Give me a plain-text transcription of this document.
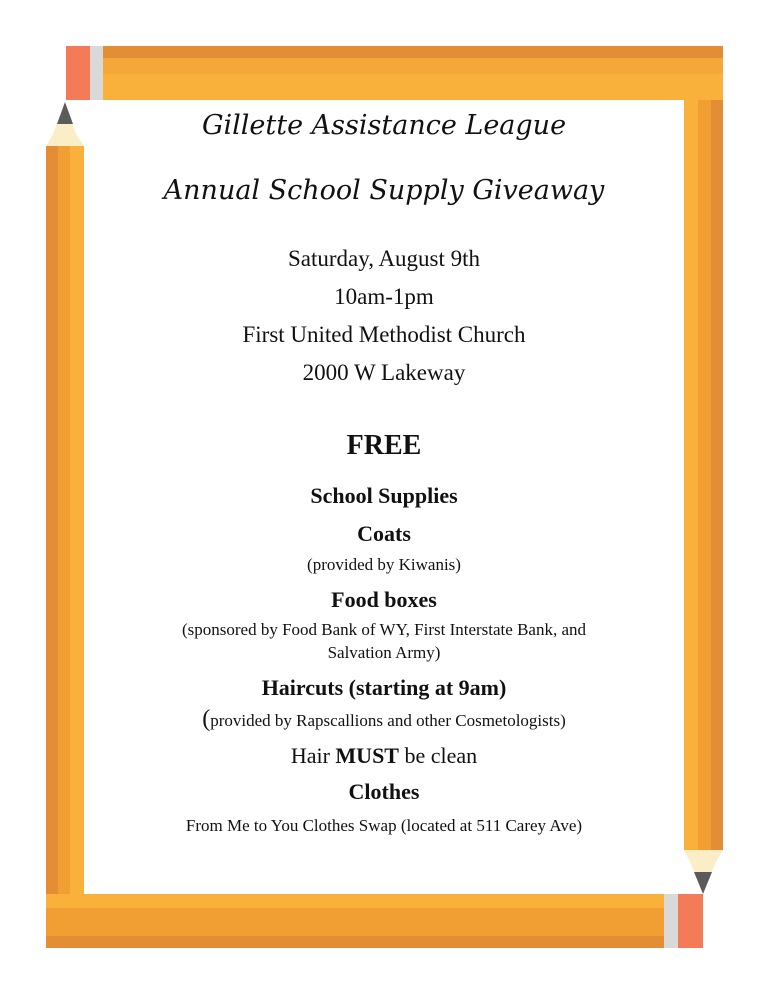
Gillette Assistance League
Annual School Supply Giveaway
Saturday, August 9th
10am-1pm
First United Methodist Church
2000 W Lakeway
FREE
School Supplies
Coats
(provided by Kiwanis)
Food boxes
(sponsored by Food Bank of WY, First Interstate Bank, and
Salvation Army)
Haircuts (starting at 9am)
(provided by Rapscallions and other Cosmetologists)
Hair MUST be clean
Clothes
From Me to You Clothes Swap (located at 511 Carey Ave)
